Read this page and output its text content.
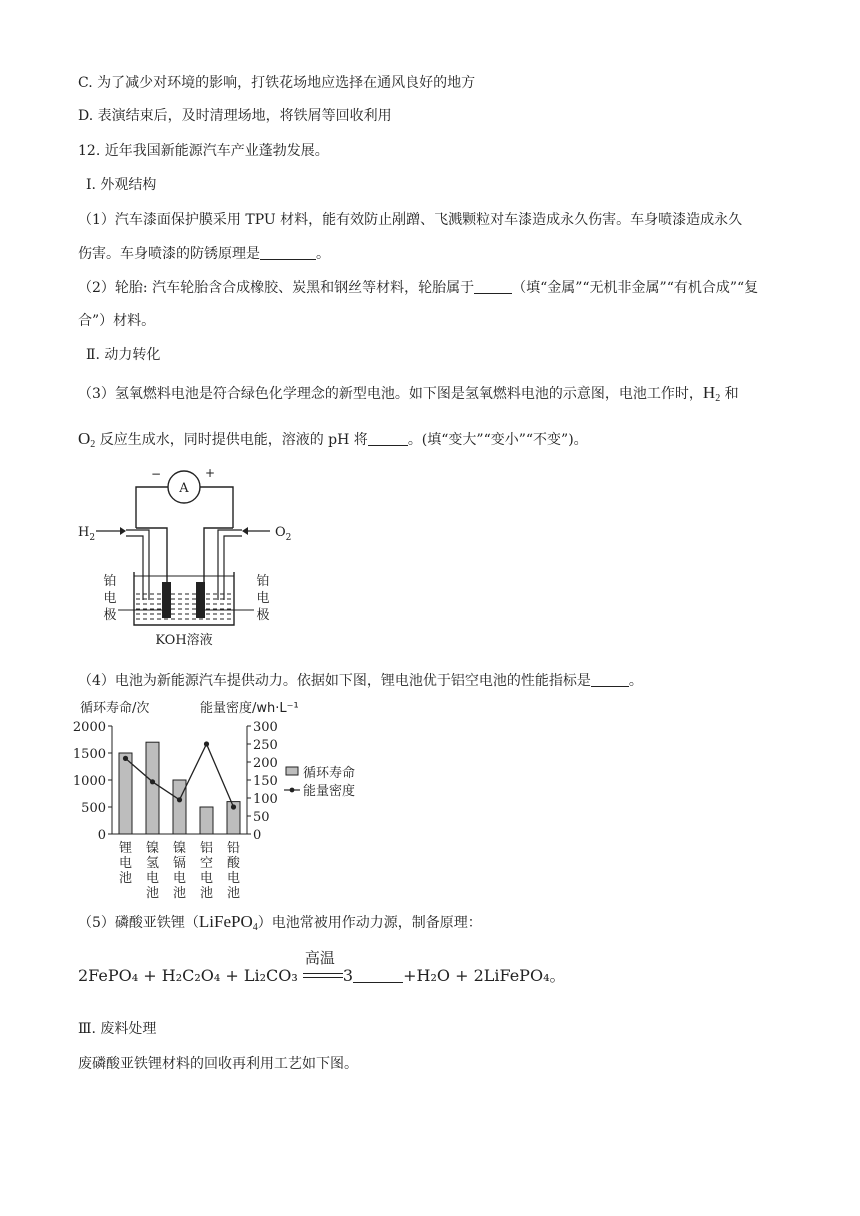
C. 为了减少对环境的影响，打铁花场地应选择在通风良好的地方
D. 表演结束后，及时清理场地，将铁屑等回收利用
12. 近年我国新能源汽车产业蓬勃发展。
Ⅰ. 外观结构
（1）汽车漆面保护膜采用 TPU 材料，能有效防止剐蹭、飞溅颗粒对车漆造成永久伤害。车身喷漆造成永久
伤害。车身喷漆的防锈原理是	。
（2）轮胎: 汽车轮胎含合成橡胶、炭黑和钢丝等材料，轮胎属于	（填“金属”“无机非金属”“有机合成”“复
合”）材料。
Ⅱ. 动力转化
（3）氢氧燃料电池是符合绿色化学理念的新型电池。如下图是氢氧燃料电池的示意图，电池工作时，$H_2$ 和
$O_2$ 反应生成水，同时提供电能，溶液的 pH 将	。(填“变大”“变小”“不变”)。
A
−	+
$H_2$	$O_2$
铂
电
极
铂
电
极
KOH溶液
（4）电池为新能源汽车提供动力。依据如下图，锂电池优于铝空电池的性能指标是	。
循环寿命/次	能量密度/wh·L⁻¹
0
500
1000
1500
2000
0
50
100
150
200
250
300
锂
电
池
镍
氢
电
池
镍
镉
电
池
铝
空
电
池
铅
酸
电
池
循环寿命
能量密度
（5）磷酸亚铁锂（LiFePO$_4$）电池常被用作动力源，制备原理：
2FePO₄ + H₂C₂O₄ + Li₂CO₃
高温
3	+H₂O + 2LiFePO₄。
Ⅲ. 废料处理
废磷酸亚铁锂材料的回收再利用工艺如下图。
